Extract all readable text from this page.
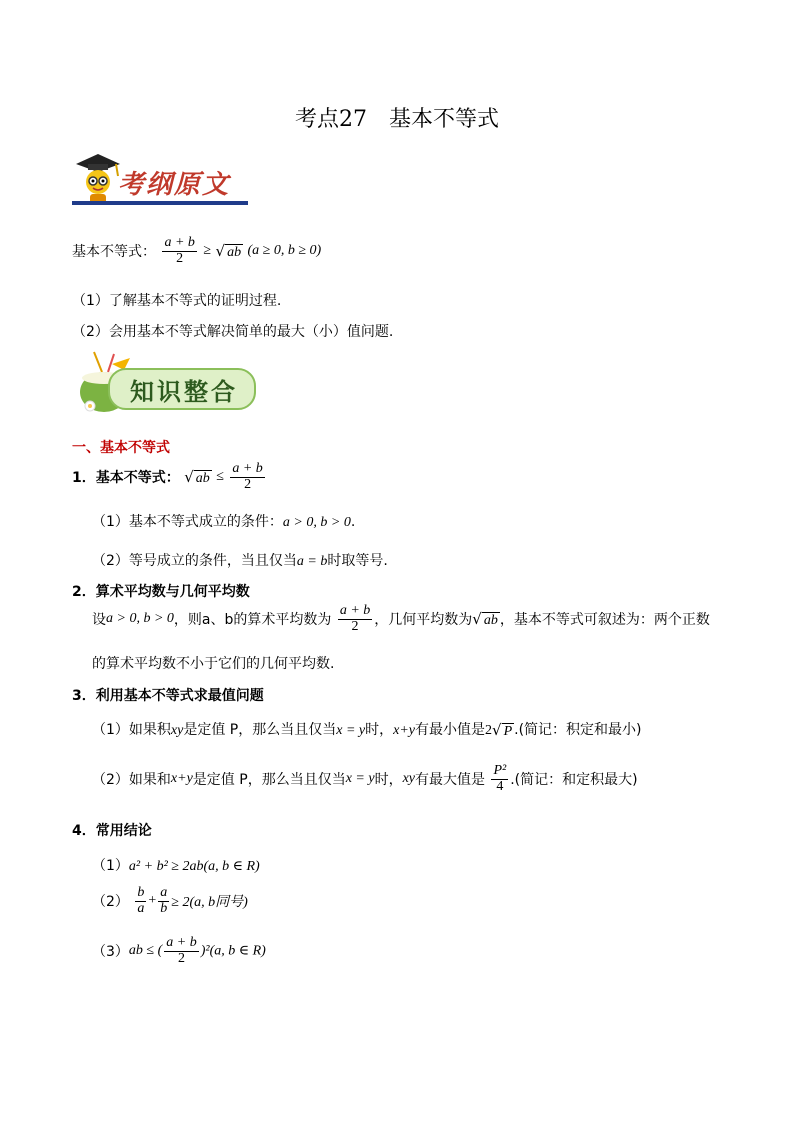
考点27　基本不等式
考纲原文
基本不等式： $\frac{a + b}{2}$ ≥ √ ab (a ≥ 0, b ≥ 0)
（1）了解基本不等式的证明过程.
（2）会用基本不等式解决简单的最大（小）值问题.
知识整合
一、基本不等式
1．基本不等式： √ ab ≤ $\frac{a + b}{2}$
（1）基本不等式成立的条件：a > 0, b > 0.
（2）等号成立的条件，当且仅当a = b时取等号.
2．算术平均数与几何平均数
设a > 0, b > 0，则a、b的算术平均数为 $\frac{a + b}{2}$ ，几何平均数为√ ab ，基本不等式可叙述为：两个正数
的算术平均数不小于它们的几何平均数.
3．利用基本不等式求最值问题
（1）如果积xy是定值 P，那么当且仅当x = y时，x+y有最小值是2√ P .(简记：积定和最小)
（2）如果和x+y是定值 P，那么当且仅当x = y时，xy有最大值是 $\frac{\text{P²}}{4}$ .(简记：和定积最大)
4．常用结论
（1）a² + b² ≥ 2ab(a, b ∈ R)
$(2) \frac{b}{a} + \frac{a}{b} \ge 2(a$, b同号)
（3）ab ≤ ( $\frac{a + b}{2} )^2(a$, b ∈ R)
